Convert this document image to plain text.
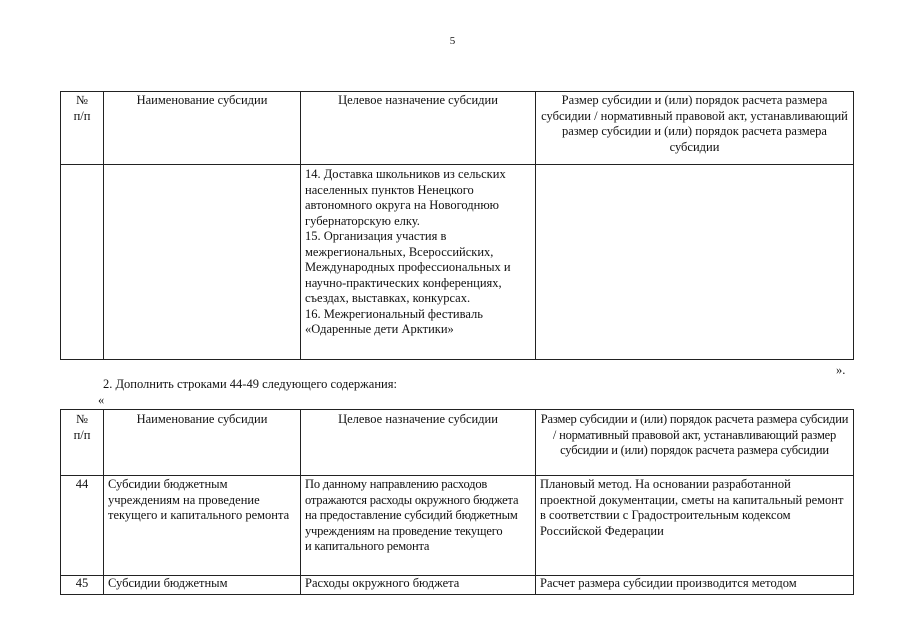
5
№
п/п	Наименование субсидии	Целевое назначение субсидии	Размер субсидии и (или) порядок расчета размера субсидии / нормативный правовой акт, устанавливающий размер субсидии и (или) порядок расчета размера субсидии
		14. Доставка школьников из сельских населенных пунктов Ненецкого автономного округа на Новогоднюю губернаторскую елку.
15. Организация участия в межрегиональных, Всероссийских, Международных профессиональных и научно-практических конференциях, съездах, выставках, конкурсах.
16. Межрегиональный фестиваль «Одаренные дети Арктики»	
».
2. Дополнить строками 44-49 следующего содержания:
«
№
п/п	Наименование субсидии	Целевое назначение субсидии	Размер субсидии и (или) порядок расчета размера субсидии / нормативный правовой акт, устанавливающий размер субсидии и (или) порядок расчета размера субсидии
44	Субсидии бюджетным учреждениям на проведение текущего и капитального ремонта	По данному направлению расходов отражаются расходы окружного бюджета на предоставление субсидий бюджетным учреждениям на проведение текущего
и капитального ремонта	Плановый метод. На основании разработанной проектной документации, сметы на капитальный ремонт в соответствии с Градостроительным кодексом Российской Федерации
45	Субсидии бюджетным	Расходы окружного бюджета	Расчет размера субсидии производится методом
